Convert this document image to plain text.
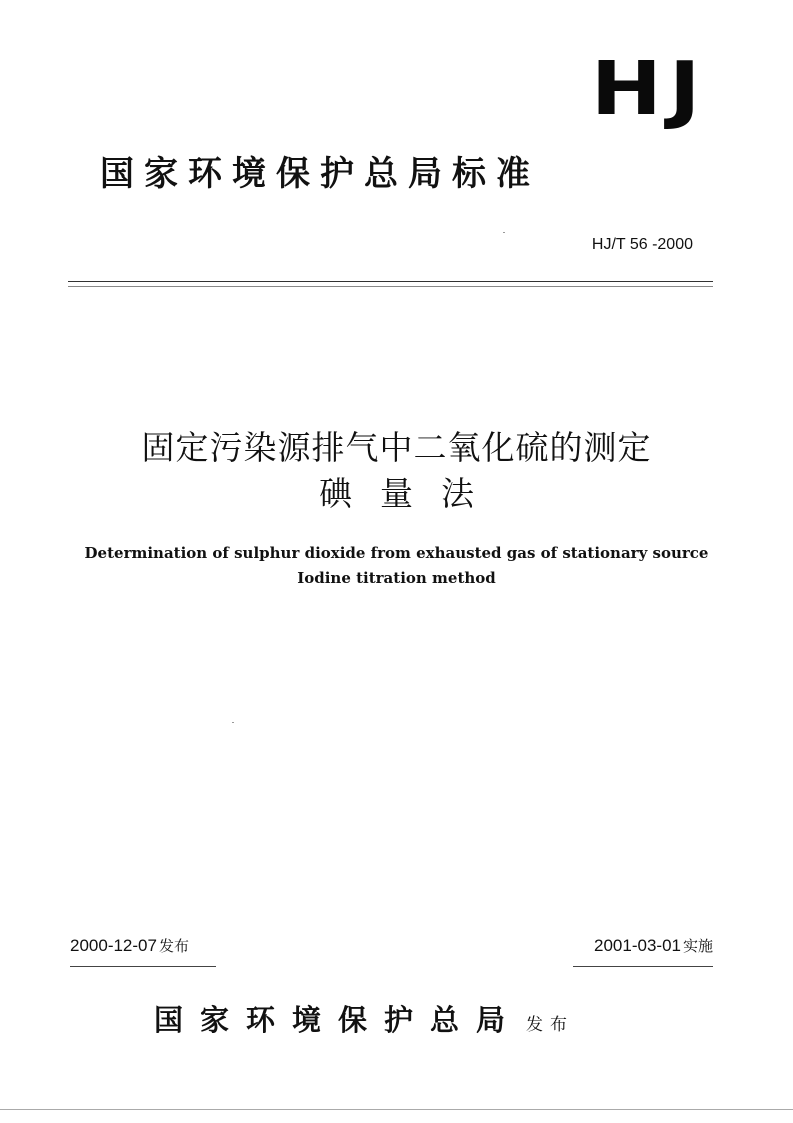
HJ
国家环境保护总局标准
HJ/T 56 -2000
固定污染源排气中二氧化硫的测定
碘量法
Determination of sulphur dioxide from exhausted gas of stationary source
Iodine titration method
2000-12-07 发布	2001-03-01 实施
国家环境保护总局 发布
